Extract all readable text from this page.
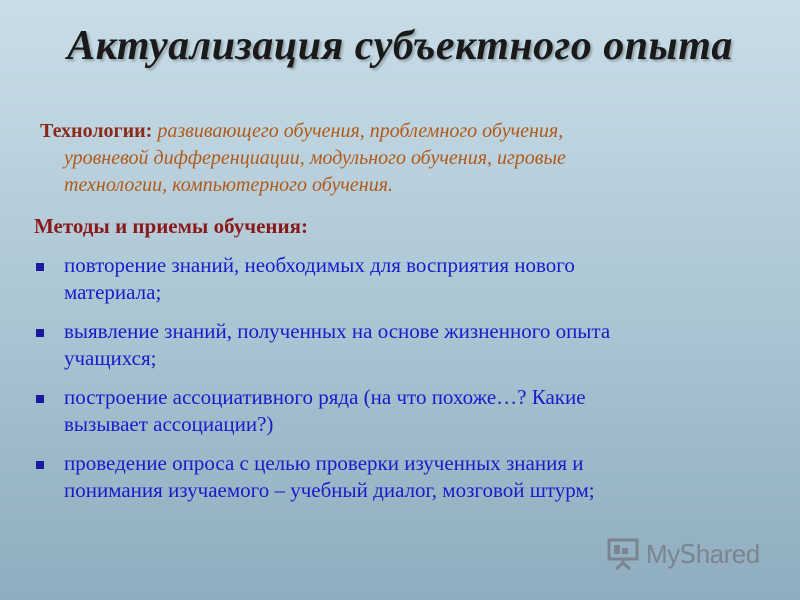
Актуализация субъектного опыта
Технологии: развивающего обучения, проблемного обучения,
уровневой дифференциации, модульного обучения, игровые
технологии, компьютерного обучения.
Методы и приемы обучения:
повторение знаний, необходимых для восприятия нового
материала;
выявление знаний, полученных на основе жизненного опыта
учащихся;
построение ассоциативного ряда (на что похоже…? Какие
вызывает ассоциации?)
проведение опроса с целью проверки изученных знания и
понимания изучаемого – учебный диалог, мозговой штурм;
MyShared
